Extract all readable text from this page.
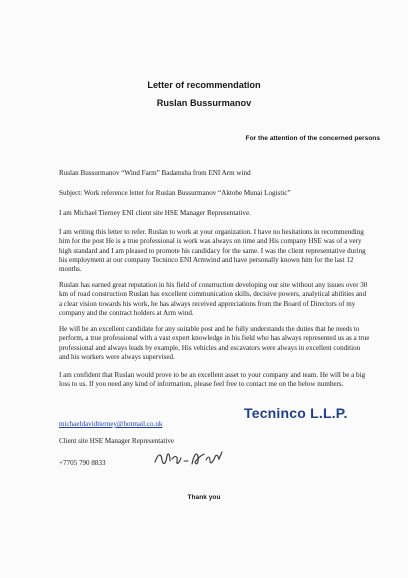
Letter of recommendation
Ruslan Bussurmanov
For the attention of the concerned persons
Ruslan Bussurmanov “Wind Farm” Badamsha from ENI Arm wind
Subject: Work reference letter for Ruslan Bussurmanov “Aktobe Munai Logistic”
I am Michael Tierney ENI client site HSE Manager Representative.
I am writing this letter to refer. Ruslan to work at your organization. I have no hesitations in recommending him for the post He is a true professional is work was always on time and His company HSE was of a very high standard and I am pleased to promote his candidacy for the same. I was the client representative during his employment at our company Tecninco ENI Armwind and have personally known him for the last 12 months.
Ruslan has earned great reputation in his field of construction developing our site without any issues over 30 km of road construction Ruslan has excellent communication skills, decisive powers, analytical abilities and a clear vision towards his work, he has always received appreciations from the Board of Directors of my company and the contract holders at Arm wind.
He will be an excellent candidate for any suitable post and he fully understands the duties that he needs to perform, a true professional with a vast expert knowledge in his field who has always represented us as a true professional and always leads by example, His vehicles and escavators were always in excellent condition and his workers were always supervised.
I am confident that Ruslan would prove to be an excellent asset to your company and team. He will be a big loss to us. If you need any kind of information, please feel free to contact me on the below numbers.
michaeldavidtierney@hotmail.co.uk
Client site HSE Manager Representative
+7705 790 8833
Tecninco L.L.P.
Thank you
